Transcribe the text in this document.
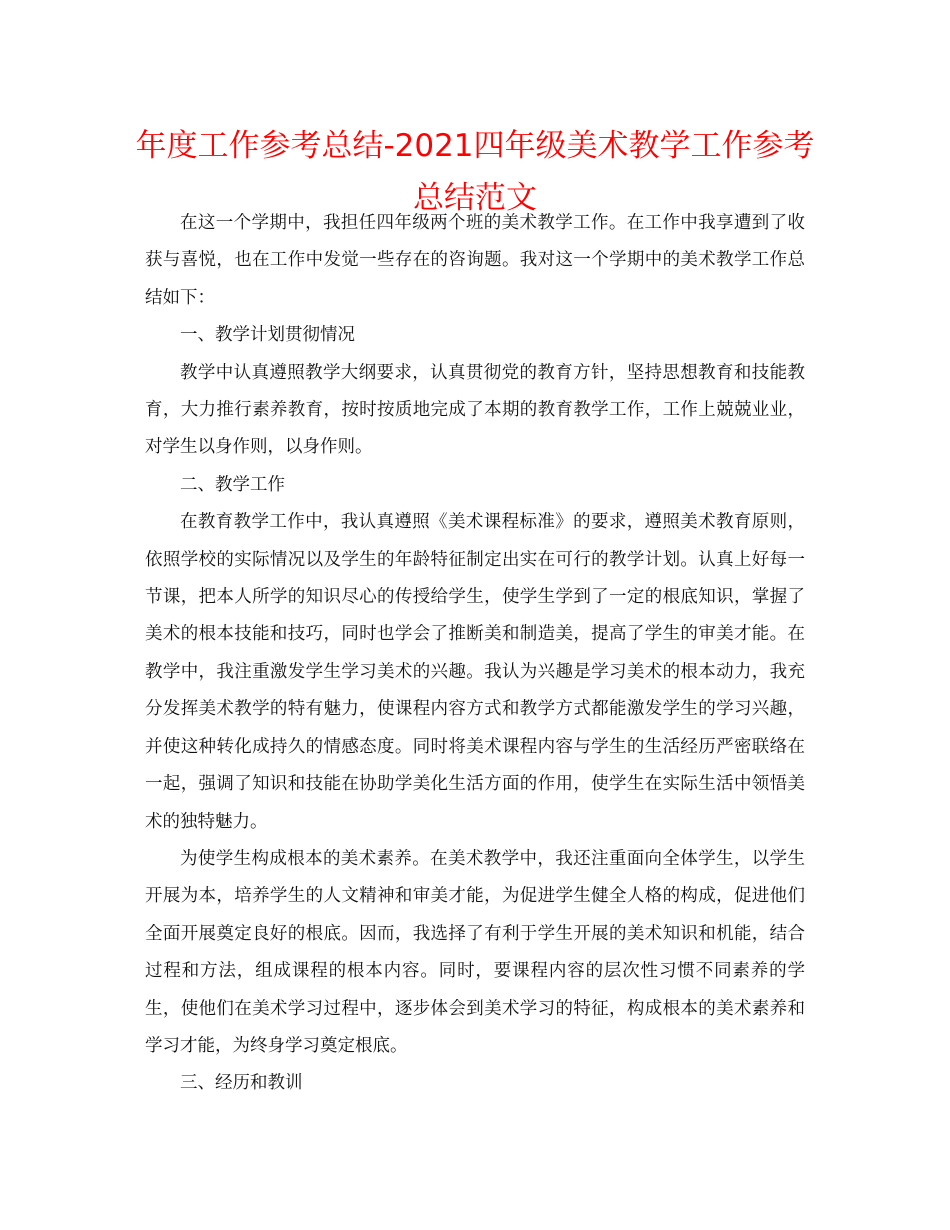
年度工作参考总结-2021四年级美术教学工作参考总结范文

在这一个学期中，我担任四年级两个班的美术教学工作。在工作中我享遭到了收获与喜悦，也在工作中发觉一些存在的咨询题。我对这一个学期中的美术教学工作总结如下：

一、教学计划贯彻情况

教学中认真遵照教学大纲要求，认真贯彻党的教育方针，坚持思想教育和技能教育，大力推行素养教育，按时按质地完成了本期的教育教学工作，工作上兢兢业业，对学生以身作则，以身作则。

二、教学工作

在教育教学工作中，我认真遵照《美术课程标准》的要求，遵照美术教育原则，依照学校的实际情况以及学生的年龄特征制定出实在可行的教学计划。认真上好每一节课，把本人所学的知识尽心的传授给学生，使学生学到了一定的根底知识，掌握了美术的根本技能和技巧，同时也学会了推断美和制造美，提高了学生的审美才能。在教学中，我注重激发学生学习美术的兴趣。我认为兴趣是学习美术的根本动力，我充分发挥美术教学的特有魅力，使课程内容方式和教学方式都能激发学生的学习兴趣，并使这种转化成持久的情感态度。同时将美术课程内容与学生的生活经历严密联络在一起，强调了知识和技能在协助学美化生活方面的作用，使学生在实际生活中领悟美术的独特魅力。

为使学生构成根本的美术素养。在美术教学中，我还注重面向全体学生，以学生开展为本，培养学生的人文精神和审美才能，为促进学生健全人格的构成，促进他们全面开展奠定良好的根底。因而，我选择了有利于学生开展的美术知识和机能，结合过程和方法，组成课程的根本内容。同时，要课程内容的层次性习惯不同素养的学生，使他们在美术学习过程中，逐步体会到美术学习的特征，构成根本的美术素养和学习才能，为终身学习奠定根底。

三、经历和教训
